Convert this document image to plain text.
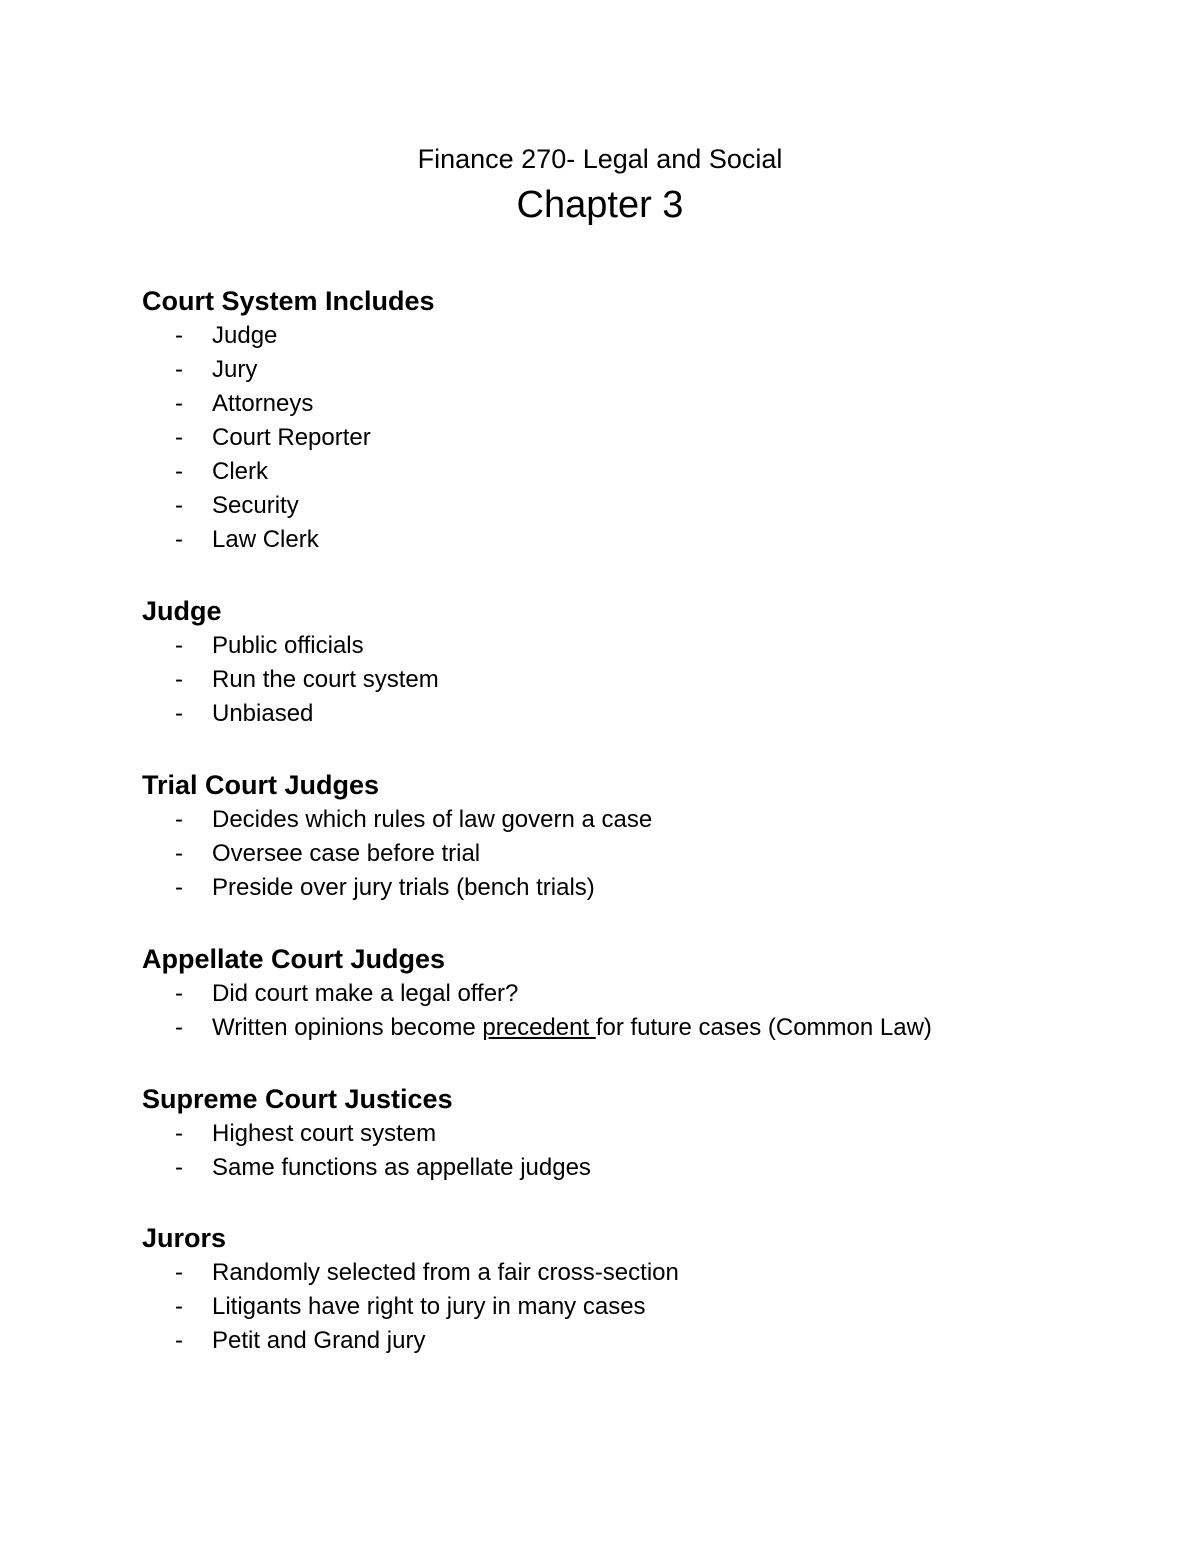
Finance 270- Legal and Social
Chapter 3
Court System Includes
- Judge
- Jury
- Attorneys
- Court Reporter
- Clerk
- Security
- Law Clerk
Judge
- Public officials
- Run the court system
- Unbiased
Trial Court Judges
- Decides which rules of law govern a case
- Oversee case before trial
- Preside over jury trials (bench trials)
Appellate Court Judges
- Did court make a legal offer?
- Written opinions become precedent for future cases (Common Law)
Supreme Court Justices
- Highest court system
- Same functions as appellate judges
Jurors
- Randomly selected from a fair cross-section
- Litigants have right to jury in many cases
- Petit and Grand jury
